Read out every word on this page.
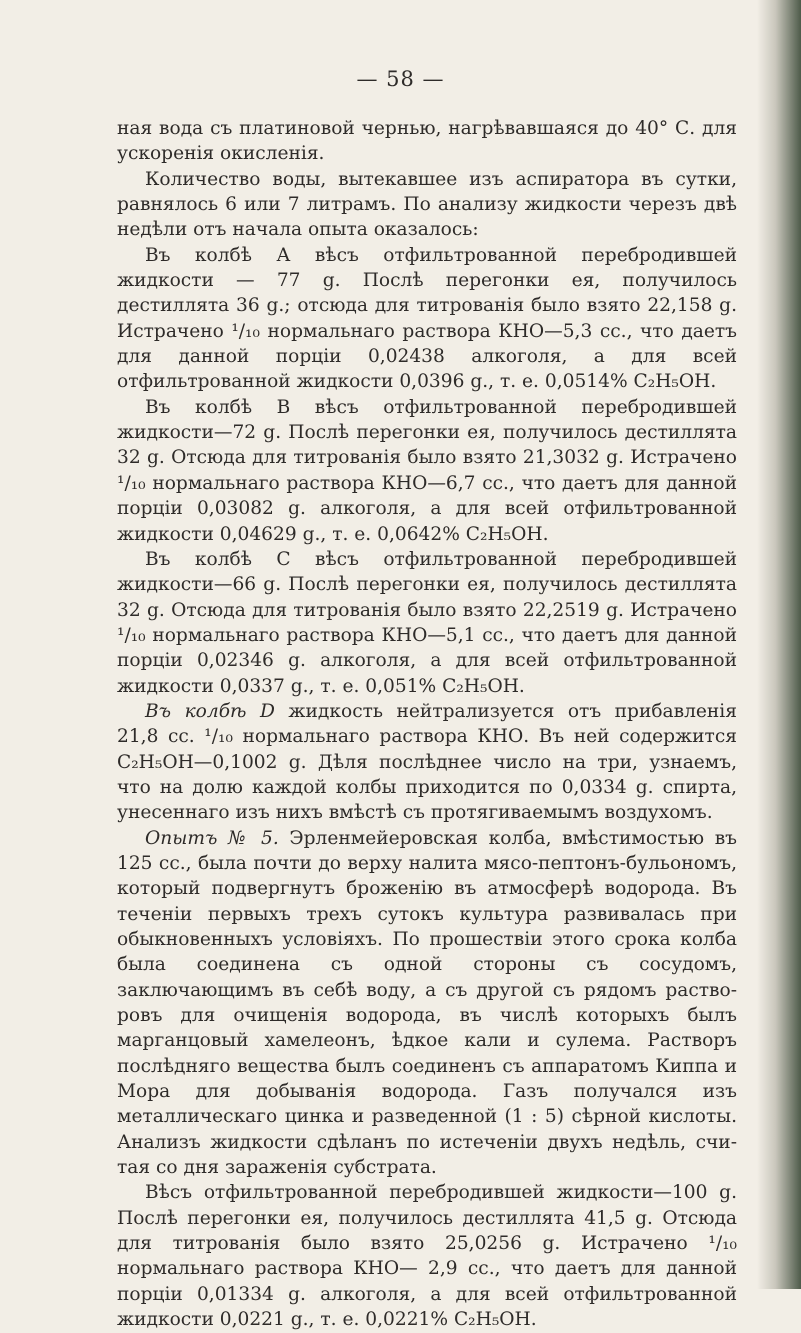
— 58 —

ная вода съ платиновой чернью, нагрѣвавшаяся до 40° С. для ускоренія окисленія.

Количество воды, вытекавшее изъ аспиратора въ сутки, равнялось 6 или 7 литрамъ. По анализу жидкости черезъ двѣ недѣли отъ начала опыта оказалось:

Въ колбѣ А вѣсъ отфильтрованной перебродившей жидкости — 77 g. Послѣ перегонки ея, получилось дестиллята 36 g.; отсюда для титрованія было взято 22,158 g. Истрачено ¹/₁₀ нормальнаго раствора КНО—5,3 сс., что даетъ для данной порціи 0,02438 алкоголя, а для всей отфильтрованной жидкости 0,0396 g., т. е. 0,0514% C₂H₅OH.

Въ колбѣ В вѣсъ отфильтрованной перебродившей жидкости—72 g. Послѣ перегонки ея, получилось дестиллята 32 g. Отсюда для титрованія было взято 21,3032 g. Истрачено ¹/₁₀ нормальнаго раствора КНО—6,7 сс., что даетъ для данной порціи 0,03082 g. алкоголя, а для всей отфильтрованной жидкости 0,04629 g., т. е. 0,0642% C₂H₅OH.

Въ колбѣ С вѣсъ отфильтрованной перебродившей жидкости—66 g. Послѣ перегонки ея, получилось дестиллята 32 g. Отсюда для титрованія было взято 22,2519 g. Истрачено ¹/₁₀ нормальнаго раствора КНО—5,1 сс., что даетъ для данной порціи 0,02346 g. алкоголя, а для всей отфильтрованной жидкости 0,0337 g., т. е. 0,051% C₂H₅OH.

Въ колбѣ D жидкость нейтрализуется отъ прибавленія 21,8 сс. ¹/₁₀ нормальнаго раствора КНО. Въ ней содержится C₂H₅OH—0,1002 g. Дѣля послѣднее число на три, узнаемъ, что на долю каждой колбы приходится по 0,0334 g. спирта, унесеннаго изъ нихъ вмѣстѣ съ протягиваемымъ воздухомъ.

Опытъ № 5. Эрленмейеровская колба, вмѣстимостью въ 125 сс., была почти до верху налита мясо-пептонъ-бульономъ, который подвергнутъ броженію въ атмосферѣ водорода. Въ теченіи первыхъ трехъ сутокъ культура развивалась при обыкновенныхъ условіяхъ. По прошествіи этого срока колба была соединена съ одной стороны съ сосудомъ, заключающимъ въ себѣ воду, а съ другой съ рядомъ растворовъ для очищенія водорода, въ числѣ которыхъ былъ марганцовый хамелеонъ, ѣдкое кали и сулема. Растворъ послѣдняго вещества былъ соединенъ съ аппаратомъ Киппа и Мора для добыванія водорода. Газъ получался изъ металлическаго цинка и разведенной (1 : 5) сѣрной кислоты. Анализъ жидкости сдѣланъ по истеченіи двухъ недѣль, считая со дня зараженія субстрата.

Вѣсъ отфильтрованной перебродившей жидкости—100 g. Послѣ перегонки ея, получилось дестиллята 41,5 g. Отсюда для титрованія было взято 25,0256 g. Истрачено ¹/₁₀ нормальнаго раствора КНО— 2,9 сс., что даетъ для данной порціи 0,01334 g. алкоголя, а для всей отфильтрованной жидкости 0,0221 g., т. е. 0,0221% C₂H₅OH.
